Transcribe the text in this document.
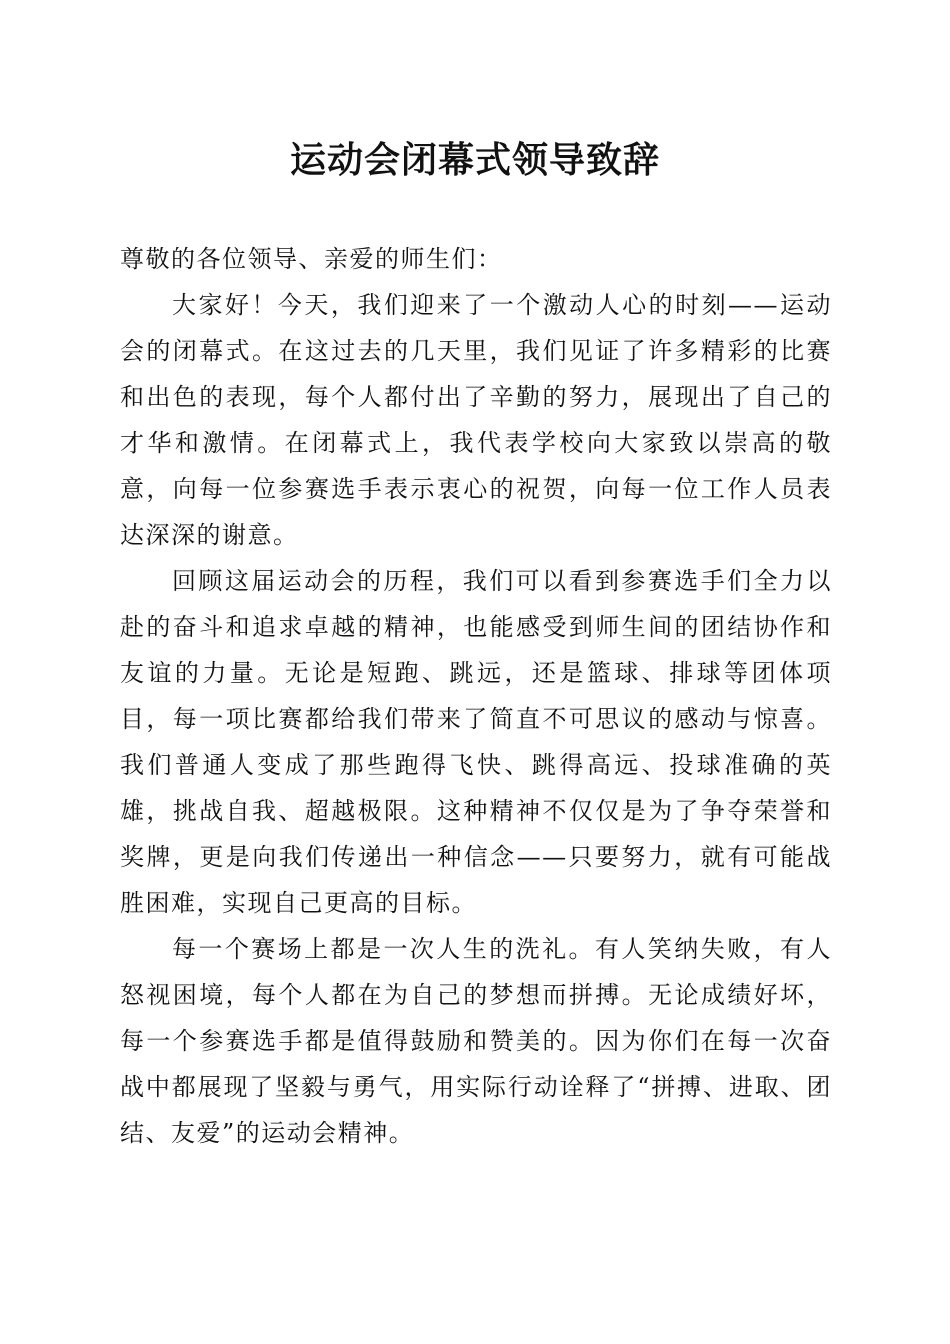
运动会闭幕式领导致辞

尊敬的各位领导、亲爱的师生们：

大家好！今天，我们迎来了一个激动人心的时刻——运动会的闭幕式。在这过去的几天里，我们见证了许多精彩的比赛和出色的表现，每个人都付出了辛勤的努力，展现出了自己的才华和激情。在闭幕式上，我代表学校向大家致以崇高的敬意，向每一位参赛选手表示衷心的祝贺，向每一位工作人员表达深深的谢意。

回顾这届运动会的历程，我们可以看到参赛选手们全力以赴的奋斗和追求卓越的精神，也能感受到师生间的团结协作和友谊的力量。无论是短跑、跳远，还是篮球、排球等团体项目，每一项比赛都给我们带来了简直不可思议的感动与惊喜。我们普通人变成了那些跑得飞快、跳得高远、投球准确的英雄，挑战自我、超越极限。这种精神不仅仅是为了争夺荣誉和奖牌，更是向我们传递出一种信念——只要努力，就有可能战胜困难，实现自己更高的目标。

每一个赛场上都是一次人生的洗礼。有人笑纳失败，有人怒视困境，每个人都在为自己的梦想而拼搏。无论成绩好坏，每一个参赛选手都是值得鼓励和赞美的。因为你们在每一次奋战中都展现了坚毅与勇气，用实际行动诠释了“拼搏、进取、团结、友爱”的运动会精神。
